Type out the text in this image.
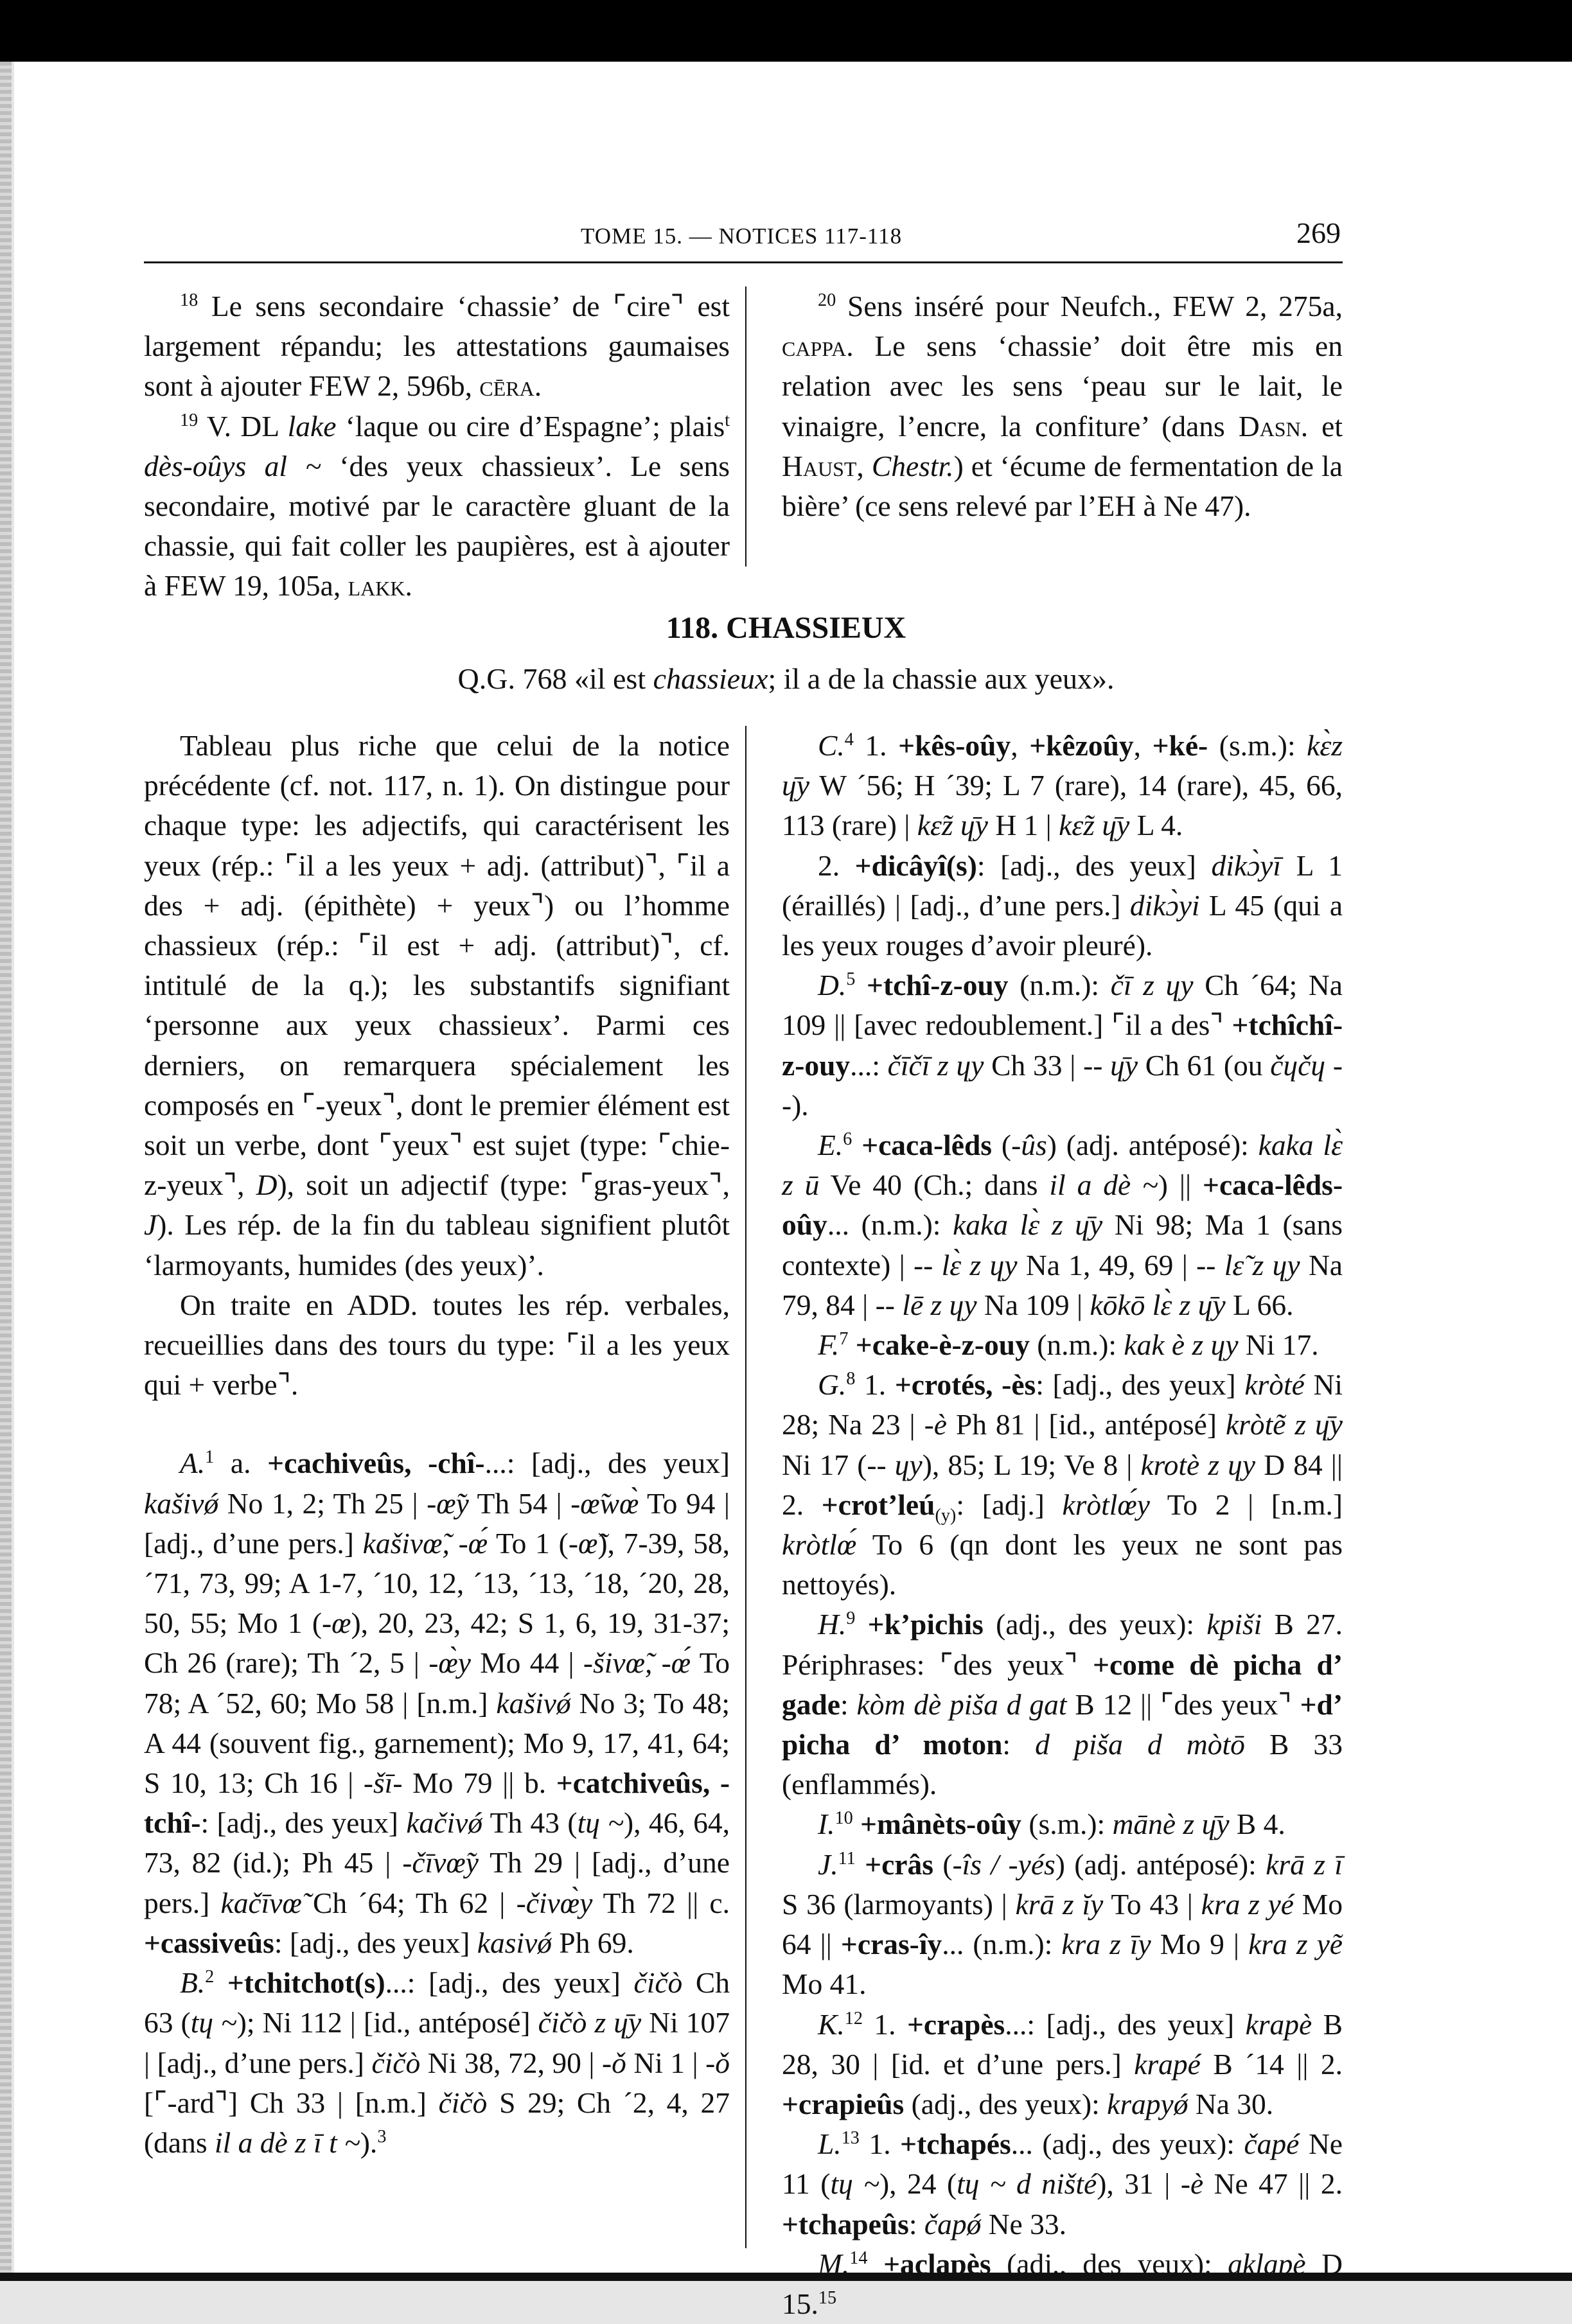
TOME 15. — NOTICES 117-118	269

$^{18}$ Le sens secondaire ‘chassie’ de ⌜cire⌝ est largement répandu; les attestations gaumaises sont à ajouter FEW 2, 596b, cēra.

$^{19}$ V. DL lake ‘laque ou cire d’Espagne’; plais$^t$ dès-oûys al ~ ‘des yeux chassieux’. Le sens secondaire, motivé par le caractère gluant de la chassie, qui fait coller les paupières, est à ajouter à FEW 19, 105a, lakk.

$^{20}$ Sens inséré pour Neufch., FEW 2, 275a, cappa. Le sens ‘chassie’ doit être mis en relation avec les sens ‘peau sur le lait, le vinaigre, l’encre, la confiture’ (dans Dasn. et Haust, Chestr.) et ‘écume de fermentation de la bière’ (ce sens relevé par l’EH à Ne 47).

118. CHASSIEUX
Q.G. 768 «il est chassieux; il a de la chassie aux yeux».

Tableau plus riche que celui de la notice précédente (cf. not. 117, n. 1). On distingue pour chaque type: les adjectifs, qui caractérisent les yeux (rép.: ⌜il a les yeux + adj. (attribut)⌝, ⌜il a des + adj. (épithète) + yeux⌝) ou l’homme chassieux (rép.: ⌜il est + adj. (attribut)⌝, cf. intitulé de la q.); les substantifs signifiant ‘personne aux yeux chassieux’. Parmi ces derniers, on remarquera spécialement les composés en ⌜-yeux⌝, dont le premier élément est soit un verbe, dont ⌜yeux⌝ est sujet (type: ⌜chie-z-yeux⌝, D), soit un adjectif (type: ⌜gras-yeux⌝, J). Les rép. de la fin du tableau signifient plutôt ‘larmoyants, humides (des yeux)’.

On traite en ADD. toutes les rép. verbales, recueillies dans des tours du type: ⌜il a les yeux qui + verbe⌝.

A.$^1$ a. +cachiveûs, -chî-...: [adj., des yeux] kašivǿ No 1, 2; Th 25 | -œ̃y Th 54 | -œ̃wœ̀ To 94 | [adj., d’une pers.] kašivœ̃, -œ́ To 1 (-œ̃), 7-39, 58, ´71, 73, 99; A 1-7, ´10, 12, ´13, ´13, ´18, ´20, 28, 50, 55; Mo 1 (-œ), 20, 23, 42; S 1, 6, 19, 31-37; Ch 26 (rare); Th ´2, 5 | -œ̀y Mo 44 | -šivœ̃, -œ́ To 78; A ´52, 60; Mo 58 | [n.m.] kašivǿ No 3; To 48; A 44 (souvent fig., garnement); Mo 9, 17, 41, 64; S 10, 13; Ch 16 | -šī- Mo 79 || b. +catchiveûs, -tchî-: [adj., des yeux] kačivǿ Th 43 (tɥ ~), 46, 64, 73, 82 (id.); Ph 45 | -čīvœ̃y Th 29 | [adj., d’une pers.] kačīvœ̃ Ch ´64; Th 62 | -čivœ̀y Th 72 || c. +cassiveûs: [adj., des yeux] kasivǿ Ph 69.

B.$^2$ +tchitchot(s)...: [adj., des yeux] čičò Ch 63 (tɥ ~); Ni 112 | [id., antéposé] čičò z ɥ̄y Ni 107 | [adj., d’une pers.] čičò Ni 38, 72, 90 | -ǒ Ni 1 | -ǒ [⌜-ard⌝] Ch 33 | [n.m.] čičò S 29; Ch ´2, 4, 27 (dans il a dè z ī t ~).$^3$

C.$^4$ 1. +kês-oûy, +kêzoûy, +ké- (s.m.): kɛ̀z ɥ̄y W ´56; H ´39; L 7 (rare), 14 (rare), 45, 66, 113 (rare) | kɛ̃z ɥ̄y H 1 | kɛ̃z ɥ̄y L 4.

2. +dicâyî(s): [adj., des yeux] dikɔ̀yī L 1 (éraillés) | [adj., d’une pers.] dikɔ̀yi L 45 (qui a les yeux rouges d’avoir pleuré).

D.$^5$ +tchî-z-ouy (n.m.): čī z ɥy Ch ´64; Na 109 || [avec redoublement.] ⌜il a des⌝ +tchîchî-z-ouy...: čīčī z ɥy Ch 33 | -- ɥ̄y Ch 61 (ou čɥčɥ --).

E.$^6$ +caca-lêds (-ûs) (adj. antéposé): kaka lɛ̀ z ū Ve 40 (Ch.; dans il a dè ~) || +caca-lêds-oûy... (n.m.): kaka lɛ̀ z ɥ̄y Ni 98; Ma 1 (sans contexte) | -- lɛ̀ z ɥy Na 1, 49, 69 | -- lɛ̃ z ɥy Na 79, 84 | -- lē z ɥy Na 109 | kōkō lɛ̀ z ɥ̄y L 66.

F.$^7$ +cake-è-z-ouy (n.m.): kak è z ɥy Ni 17.

G.$^8$ 1. +crotés, -ès: [adj., des yeux] kròté Ni 28; Na 23 | -è Ph 81 | [id., antéposé] kròtẽ z ɥ̄y Ni 17 (-- ɥy), 85; L 19; Ve 8 | krotè z ɥy D 84 || 2. +crot’leú$_{(y)}$: [adj.] kròtlœ́y To 2 | [n.m.] kròtlœ́ To 6 (qn dont les yeux ne sont pas nettoyés).

H.$^9$ +k’pichis (adj., des yeux): kpiši B 27. Périphrases: ⌜des yeux⌝ +come dè picha d’ gade: kòm dè piša d gat B 12 || ⌜des yeux⌝ +d’ picha d’ moton: d piša d mòtō B 33 (enflammés).

I.$^{10}$ +mânèts-oûy (s.m.): mānè z ɥ̄y B 4.

J.$^{11}$ +crâs (-îs / -yés) (adj. antéposé): krā z ī S 36 (larmoyants) | krā z ĭy To 43 | kra z yé Mo 64 || +cras-îy... (n.m.): kra z īy Mo 9 | kra z yẽ Mo 41.

K.$^{12}$ 1. +crapès...: [adj., des yeux] krapè B 28, 30 | [id. et d’une pers.] krapé B ´14 || 2. +crapieûs (adj., des yeux): krapyǿ Na 30.

L.$^{13}$ 1. +tchapés... (adj., des yeux): čapé Ne 11 (tɥ ~), 24 (tɥ ~ d ništé), 31 | -è Ne 47 || 2. +tchapeûs: čapǿ Ne 33.

M.$^{14}$ +aclapès (adj., des yeux): aklapè D 15.15
